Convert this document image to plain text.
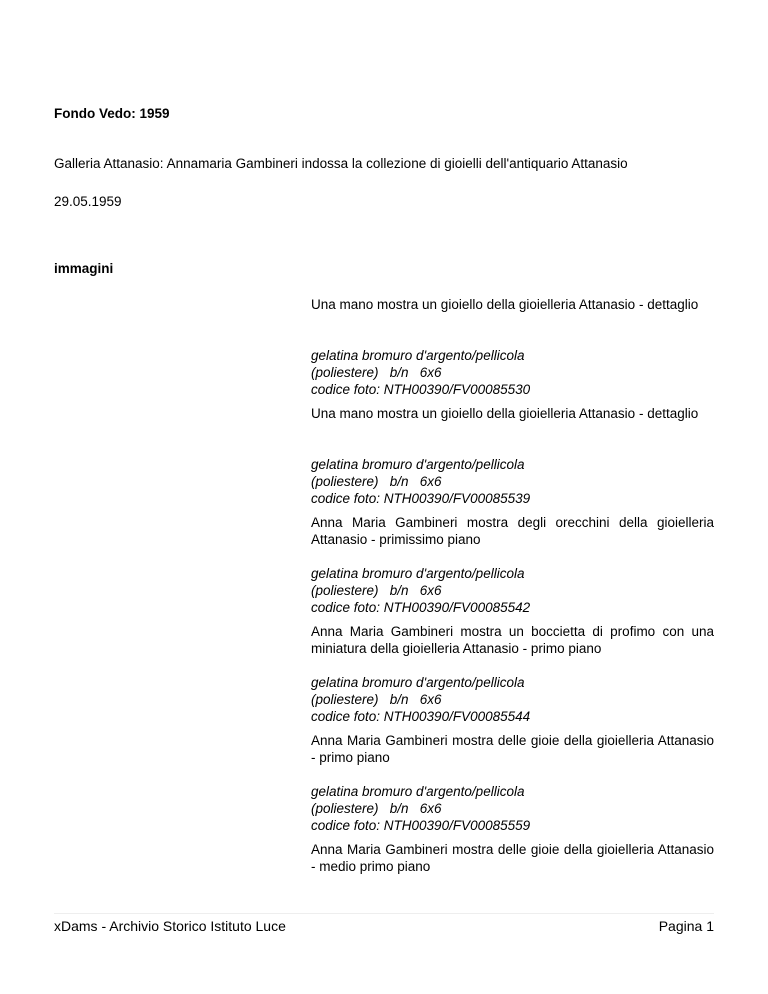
Fondo Vedo: 1959
Galleria Attanasio: Annamaria Gambineri indossa la collezione di gioielli dell'antiquario Attanasio
29.05.1959
immagini
Una mano mostra un gioiello della gioielleria Attanasio - dettaglio
gelatina bromuro d'argento/pellicola
(poliestere)   b/n   6x6
codice foto: NTH00390/FV00085530
Una mano mostra un gioiello della gioielleria Attanasio - dettaglio
gelatina bromuro d'argento/pellicola
(poliestere)   b/n   6x6
codice foto: NTH00390/FV00085539
Anna Maria Gambineri mostra degli orecchini della gioielleria Attanasio - primissimo piano
gelatina bromuro d'argento/pellicola
(poliestere)   b/n   6x6
codice foto: NTH00390/FV00085542
Anna Maria Gambineri mostra un boccietta di profimo con una miniatura della gioielleria Attanasio - primo piano
gelatina bromuro d'argento/pellicola
(poliestere)   b/n   6x6
codice foto: NTH00390/FV00085544
Anna Maria Gambineri mostra delle gioie della gioielleria Attanasio - primo piano
gelatina bromuro d'argento/pellicola
(poliestere)   b/n   6x6
codice foto: NTH00390/FV00085559
Anna Maria Gambineri mostra delle gioie della gioielleria Attanasio - medio primo piano
xDams - Archivio Storico Istituto Luce	Pagina 1
